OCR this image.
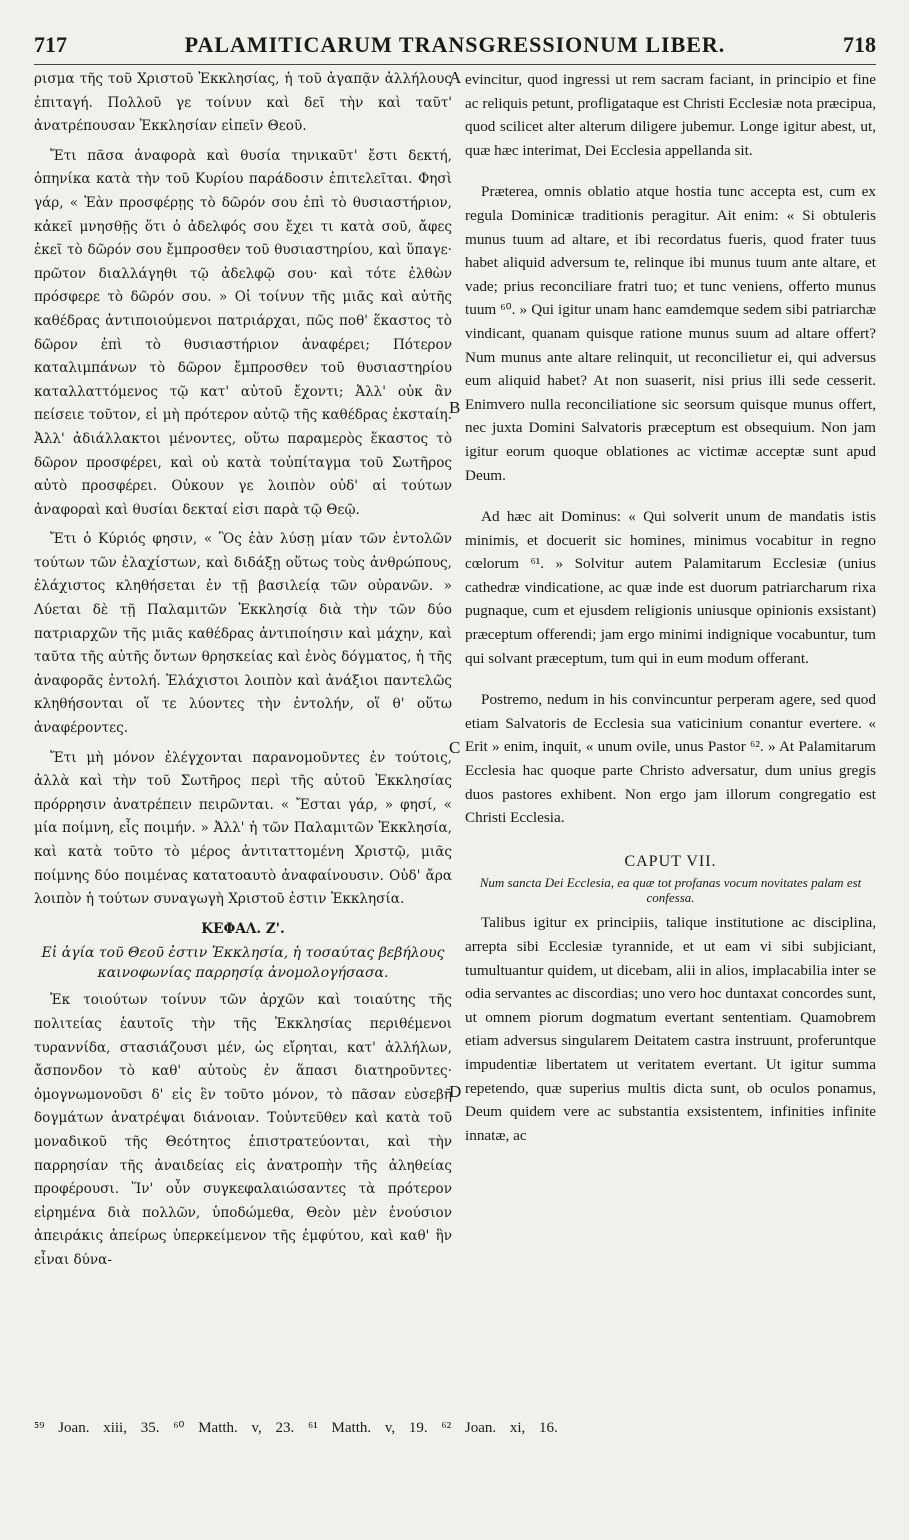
717	PALAMITICARUM TRANSGRESSIONUM LIBER.	718

ρισμα τῆς τοῦ Χριστοῦ Ἐκκλησίας, ἡ τοῦ ἀγαπᾷν ἀλλήλους ἐπιταγή. Πολλοῦ γε τοίνυν καὶ δεῖ τὴν καὶ ταῦτ' ἀνατρέπουσαν Ἐκκλησίαν εἰπεῖν Θεοῦ.

Ἔτι πᾶσα ἀναφορὰ καὶ θυσία τηνικαῦτ' ἔστι δεκτή, ὁπηνίκα κατὰ τὴν τοῦ Κυρίου παράδοσιν ἐπιτελεῖται. Φησὶ γάρ, « Ἐὰν προσφέρῃς τὸ δῶρόν σου ἐπὶ τὸ θυσιαστήριον, κἀκεῖ μνησθῇς ὅτι ὁ ἀδελφός σου ἔχει τι κατὰ σοῦ, ἄφες ἐκεῖ τὸ δῶρόν σου ἔμπροσθεν τοῦ θυσιαστηρίου, καὶ ὕπαγε· πρῶτον διαλλάγηθι τῷ ἀδελφῷ σου· καὶ τότε ἐλθὼν πρόσφερε τὸ δῶρόν σου. » Οἱ τοίνυν τῆς μιᾶς καὶ αὐτῆς καθέδρας ἀντιποιούμενοι πατριάρχαι, πῶς ποθ' ἕκαστος τὸ δῶρον ἐπὶ τὸ θυσιαστήριον ἀναφέρει; Πότερον καταλιμπάνων τὸ δῶρον ἔμπροσθεν τοῦ θυσιαστηρίου καταλλαττόμενος τῷ κατ' αὐτοῦ ἔχοντι; Ἀλλ' οὐκ ἂν πείσειε τοῦτον, εἰ μὴ πρότερον αὐτῷ τῆς καθέδρας ἐκσταίη. Ἀλλ' ἀδιάλλακτοι μένοντες, οὕτω παραμερὸς ἕκαστος τὸ δῶρον προσφέρει, καὶ οὐ κατὰ τοὐπίταγμα τοῦ Σωτῆρος αὐτὸ προσφέρει. Οὐκουν γε λοιπὸν οὐδ' αἱ τούτων ἀναφοραὶ καὶ θυσίαι δεκταί εἰσι παρὰ τῷ Θεῷ.

Ἔτι ὁ Κύριός φησιν, « Ὃς ἐὰν λύσῃ μίαν τῶν ἐντολῶν τούτων τῶν ἐλαχίστων, καὶ διδάξῃ οὕτως τοὺς ἀνθρώπους, ἐλάχιστος κληθήσεται ἐν τῇ βασιλείᾳ τῶν οὐρανῶν. » Λύεται δὲ τῇ Παλαμιτῶν Ἐκκλησίᾳ διὰ τὴν τῶν δύο πατριαρχῶν τῆς μιᾶς καθέδρας ἀντιποίησιν καὶ μάχην, καὶ ταῦτα τῆς αὐτῆς ὄντων θρησκείας καὶ ἑνὸς δόγματος, ἡ τῆς ἀναφορᾶς ἐντολή. Ἐλάχιστοι λοιπὸν καὶ ἀνάξιοι παντελῶς κληθήσονται οἵ τε λύοντες τὴν ἐντολήν, οἵ θ' οὕτω ἀναφέροντες.

Ἔτι μὴ μόνον ἐλέγχονται παρανομοῦντες ἐν τούτοις, ἀλλὰ καὶ τὴν τοῦ Σωτῆρος περὶ τῆς αὐτοῦ Ἐκκλησίας πρόρρησιν ἀνατρέπειν πειρῶνται. « Ἔσται γάρ, » φησί, « μία ποίμνη, εἷς ποιμήν. » Ἀλλ' ἡ τῶν Παλαμιτῶν Ἐκκλησία, καὶ κατὰ τοῦτο τὸ μέρος ἀντιταττομένη Χριστῷ, μιᾶς ποίμνης δύο ποιμένας κατατοαυτὸ ἀναφαίνουσιν. Οὐδ' ἄρα λοιπὸν ἡ τούτων συναγωγὴ Χριστοῦ ἐστιν Ἐκκλησία.

ΚΕΦΑΛ. Ζ'.
Εἰ ἁγία τοῦ Θεοῦ ἐστιν Ἐκκλησία, ἡ τοσαύτας βεβήλους καινοφωνίας παρρησίᾳ ἀνομολογήσασα.

Ἐκ τοιούτων τοίνυν τῶν ἀρχῶν καὶ τοιαύτης τῆς πολιτείας ἑαυτοῖς τὴν τῆς Ἐκκλησίας περιθέμενοι τυραννίδα, στασιάζουσι μέν, ὡς εἴρηται, κατ' ἀλλήλων, ἄσπονδον τὸ καθ' αὑτοὺς ἐν ἅπασι διατηροῦντες· ὁμογνωμονοῦσι δ' εἰς ἓν τοῦτο μόνον, τὸ πᾶσαν εὐσεβῆ δογμάτων ἀνατρέψαι διάνοιαν. Τοὐντεῦθεν καὶ κατὰ τοῦ μοναδικοῦ τῆς Θεότητος ἐπιστρατεύονται, καὶ τὴν παρρησίαν τῆς ἀναιδείας εἰς ἀνατροπὴν τῆς ἀληθείας προφέρουσι. Ἵν' οὖν συγκεφαλαιώσαντες τὰ πρότερον εἰρημένα διὰ πολλῶν, ὑποδώμεθα, Θεὸν μὲν ἑνούσιον ἀπειράκις ἀπείρως ὑπερκείμενον τῆς ἐμφύτου, καὶ καθ' ἣν εἶναι δύνα-

evincitur, quod ingressi ut rem sacram faciant, in principio et fine ac reliquis petunt, profligataque est Christi Ecclesiæ nota præcipua, quod scilicet alter alterum diligere jubemur. Longe igitur abest, ut, quæ hæc interimat, Dei Ecclesia appellanda sit.

Præterea, omnis oblatio atque hostia tunc accepta est, cum ex regula Dominicæ traditionis peragitur. Ait enim: « Si obtuleris munus tuum ad altare, et ibi recordatus fueris, quod frater tuus habet aliquid adversum te, relinque ibi munus tuum ante altare, et vade; prius reconciliare fratri tuo; et tunc veniens, offerto munus tuum ⁶⁰. » Qui igitur unam hanc eamdemque sedem sibi patriarchæ vindicant, quanam quisque ratione munus suum ad altare offert? Num munus ante altare relinquit, ut reconcilietur ei, qui adversus eum aliquid habet? At non suaserit, nisi prius illi sede cesserit. Enimvero nulla reconciliatione sic seorsum quisque munus offert, nec juxta Domini Salvatoris præceptum est obsequium. Non jam igitur eorum quoque oblationes ac victimæ acceptæ sunt apud Deum.

Ad hæc ait Dominus: « Qui solverit unum de mandatis istis minimis, et docuerit sic homines, minimus vocabitur in regno cœlorum ⁶¹. » Solvitur autem Palamitarum Ecclesiæ (unius cathedræ vindicatione, ac quæ inde est duorum patriarcharum rixa pugnaque, cum et ejusdem religionis uniusque opinionis exsistant) præceptum offerendi; jam ergo minimi indignique vocabuntur, tum qui solvant præceptum, tum qui in eum modum offerant.

Postremo, nedum in his convincuntur perperam agere, sed quod etiam Salvatoris de Ecclesia sua vaticinium conantur evertere. « Erit » enim, inquit, « unum ovile, unus Pastor ⁶². » At Palamitarum Ecclesia hac quoque parte Christo adversatur, dum unius gregis duos pastores exhibent. Non ergo jam illorum congregatio est Christi Ecclesia.

CAPUT VII.
Num sancta Dei Ecclesia, ea quæ tot profanas vocum novitates palam est confessa.

Talibus igitur ex principiis, talique institutione ac disciplina, arrepta sibi Ecclesiæ tyrannide, et ut eam vi sibi subjiciant, tumultuantur quidem, ut dicebam, alii in alios, implacabilia inter se odia servantes ac discordias; uno vero hoc duntaxat concordes sunt, ut omnem piorum dogmatum evertant sententiam. Quamobrem etiam adversus singularem Deitatem castra instruunt, proferuntque impudentiæ libertatem ut veritatem evertant. Ut igitur summa repetendo, quæ superius multis dicta sunt, ob oculos ponamus, Deum quidem vere ac substantia exsistentem, infinities infinite innatæ, ac

A
B
C
D
⁵⁹ Joan. xiii, 35. ⁶⁰ Matth. v, 23. ⁶¹ Matth. v, 19. ⁶² Joan. xi, 16.
